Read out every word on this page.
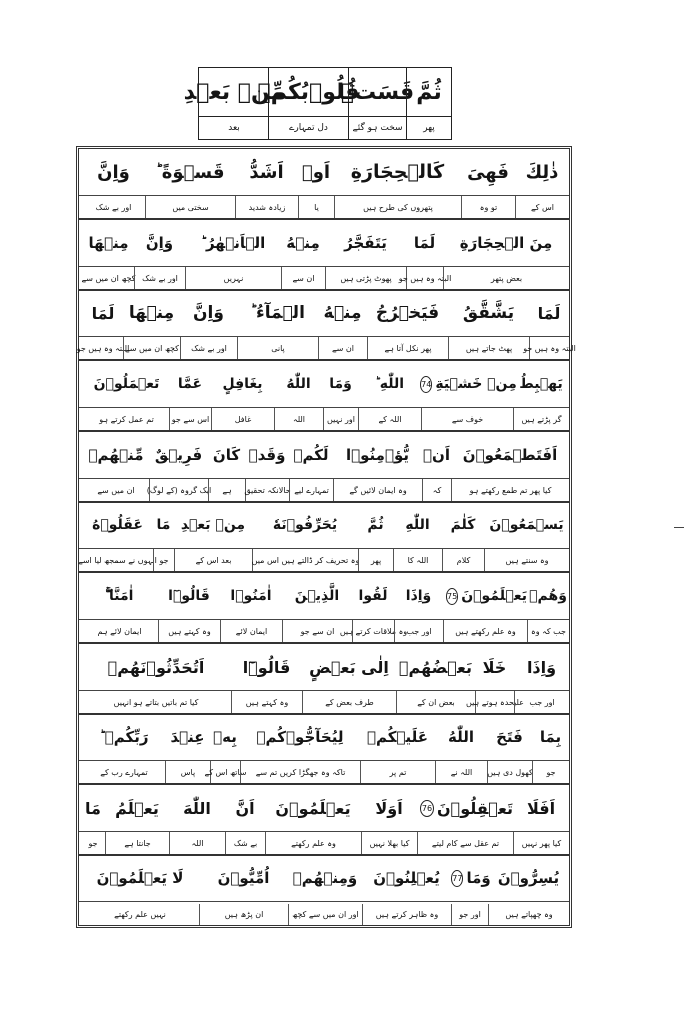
ثُمَّ
قَسَتۡ
قُلُوۡبُكُمۡ
مِّنۡ بَعۡدِ
پھر
سخت ہو گئے
دل تمہارے
بعد
ذٰلِكَ
فَهِىَ
كَالۡحِجَارَةِ
اَوۡ
اَشَدُّ
قَسۡوَةً ؕ
وَاِنَّ
اس کے
تو وہ
پتھروں کی طرح ہیں
یا
زیادہ شدید
سختی میں
اور بے شک
مِنَ الۡحِجَارَةِ
لَمَا
يَتَفَجَّرُ
مِنۡهُ
الۡاَنۡهٰرُ ؕ
وَاِنَّ
مِنۡهَا
بعض پتھر
البتہ وہ ہیں جو
پھوٹ پڑتی ہیں
ان سے
نہریں
اور بے شک
کچھ ان میں سے
لَمَا
يَشَّقَّقُ
فَيَخۡرُجُ
مِنۡهُ
الۡمَآءُ ؕ
وَاِنَّ
مِنۡهَا
لَمَا
البتہ وہ ہیں جو
پھٹ جاتے ہیں
پھر نکل آتا ہے
ان سے
پانی
اور بے شک
کچھ ان میں سے
البتہ وہ ہیں جو
يَهۡبِطُ
مِنۡ خَشۡيَةِ
74
اللّٰهِ ؕ
وَمَا
اللّٰهُ
بِغَافِلٍ
عَمَّا
تَعۡمَلُوۡنَ
گر پڑتے ہیں
خوف سے
اللہ کے
اور نہیں
اللہ
غافل
اس سے جو
تم عمل کرتے ہو
اَفَتَطۡمَعُوۡنَ
اَنۡ
يُّؤۡمِنُوۡا
لَكُمۡ
وَقَدۡ
كَانَ
فَرِيۡقٌ
مِّنۡهُمۡ
کیا پھر تم طمع رکھتے ہو
کہ
وہ ایمان لائیں گے
تمہارے لیے
حالانکہ تحقیق
ہے
ایک گروہ (کے لوگ)
ان میں سے
يَسۡمَعُوۡنَ
كَلٰمَ
اللّٰهِ
ثُمَّ
يُحَرِّفُوۡنَهٗ
مِنۡ بَعۡدِ
مَا
عَقَلُوۡهُ
وہ سنتے ہیں
کلام
اللہ کا
پھر
وہ تحریف کر ڈالتے ہیں اس میں
بعد اس کے
جو
انہوں نے سمجھ لیا اسے
وَهُمۡ
يَعۡلَمُوۡنَ
75
وَاِذَا
لَقُوا
الَّذِيۡنَ
اٰمَنُوۡا
قَالُوۡٓا
اٰمَنَّا ۚۖ
جب کہ وہ
وہ علم رکھتے ہیں
اور جب
وہ ملاقات کرتے ہیں
ان سے جو
ایمان لائے
وہ کہتے ہیں
ایمان لائے ہم
وَاِذَا
خَلَا
بَعۡضُهُمۡ
اِلٰى بَعۡضٍ
قَالُوۡٓا
اَتُحَدِّثُوۡنَهُمۡ
اور جب
علیحدہ ہوتے ہیں
بعض ان کے
طرف بعض کے
وہ کہتے ہیں
کیا تم باتیں بتاتے ہو انہیں
بِمَا
فَتَحَ
اللّٰهُ
عَلَيۡكُمۡ
لِيُحَآجُّوۡكُمۡ
بِهٖ
عِنۡدَ
رَبِّكُمۡ ؕ
جو
کھول دی ہیں
اللہ نے
تم پر
تاکہ وہ جھگڑا کریں تم سے
ساتھ اس کے
پاس
تمہارے رب کے
اَفَلَا
تَعۡقِلُوۡنَ
76
اَوَلَا
يَعۡلَمُوۡنَ
اَنَّ
اللّٰهَ
يَعۡلَمُ
مَا
کیا پھر نہیں
تم عقل سے کام لیتے
کیا بھلا نہیں
وہ علم رکھتے
بے شک
اللہ
جانتا ہے
جو
يُسِرُّوۡنَ
وَمَا
77
يُعۡلِنُوۡنَ
وَمِنۡهُمۡ
اُمِّيُّوۡنَ
لَا يَعۡلَمُوۡنَ
وہ چھپاتے ہیں
اور جو
وہ ظاہر کرتے ہیں
اور ان میں سے کچھ
ان پڑھ ہیں
نہیں علم رکھتے
